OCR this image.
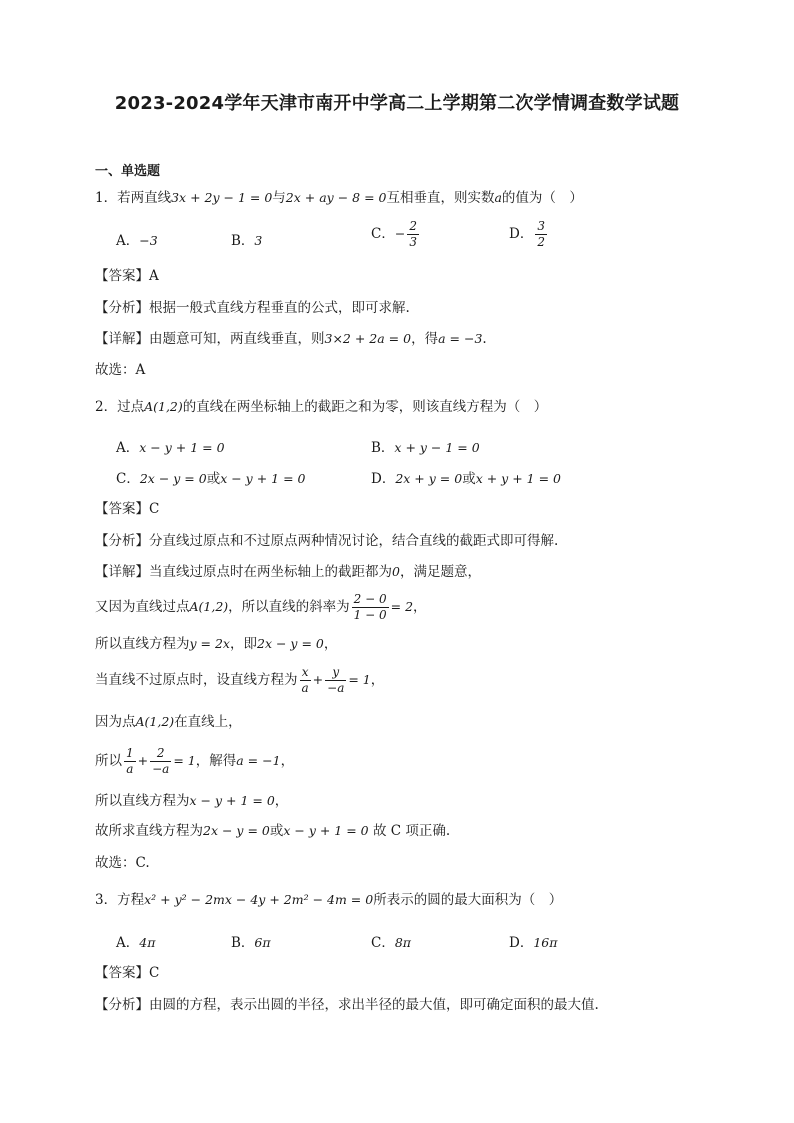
2023-2024学年天津市南开中学高二上学期第二次学情调查数学试题
一、单选题
1．若两直线3x + 2y − 1 = 0与2x + ay − 8 = 0互相垂直，则实数a的值为（　）
A．−3	B．3	C．− $\frac{2}{3}$	D． $\frac{3}{2}$
【答案】A
【分析】根据一般式直线方程垂直的公式，即可求解.
【详解】由题意可知，两直线垂直，则3×2 + 2a = 0，得a = −3.
故选：A
2．过点A(1,2)的直线在两坐标轴上的截距之和为零，则该直线方程为（　）
A．x − y + 1 = 0	B．x + y − 1 = 0
C．2x − y = 0或x − y + 1 = 0	D．2x + y = 0或x + y + 1 = 0
【答案】C
【分析】分直线过原点和不过原点两种情况讨论，结合直线的截距式即可得解.
【详解】当直线过原点时在两坐标轴上的截距都为0，满足题意，
又因为直线过点A(1,2)，所以直线的斜率为 $\frac{2 - 0}{1 - 0} = 2$，
所以直线方程为y = 2x，即2x − y = 0，
当直线不过原点时，设直线方程为 $\frac{x}{a} + \frac{y}{-a} = 1$，
因为点A(1,2)在直线上，
所以 $\frac{1}{a} + \frac{2}{-a} = 1$，解得a = −1，
所以直线方程为x − y + 1 = 0，
故所求直线方程为2x − y = 0或x − y + 1 = 0 故 C 项正确.
故选：C.
3．方程x² + y² − 2mx − 4y + 2m² − 4m = 0所表示的圆的最大面积为（　）
A．4π	B．6π	C．8π	D．16π
【答案】C
【分析】由圆的方程，表示出圆的半径，求出半径的最大值，即可确定面积的最大值.
